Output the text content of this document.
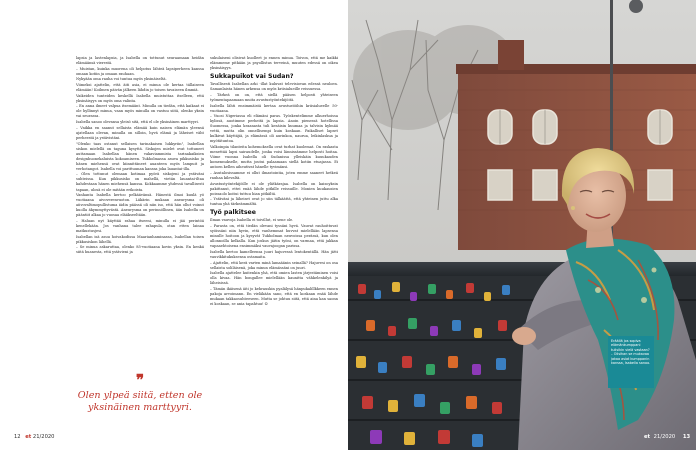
lapsia ja lastenlapsia, ja Isabella on tottunut seuraamaan heidän elämäänsä vierestä.

– Muistan, kuinka muorena oli helpotus lähteä lapsiperheen kanssa omaan kotiin ja omaan rauhaan.

Nykyään oma rauha voi tuntua myös yksinäiseltä.

Viimeksi ajattelin, että äiti asia, ei minua ole kertaa tällaiseen elämään! Koilmen päivän jälkeen lähdin jo toisen tavaiseen ilmmiä.

Vaikeiden tunteiden keskellä Isabella muistuttaa itselleen, että yksinäisyys on myös oma valinta.

– En anna ilmeet valpua itsemäänt. Minulla on tiedän, että kaikaat ei ole hyllinnyt minua, vaan myös minulla on vastuu siitä, olenko yksin vai seurassa.

Isabella sanoo olevansa yleisö sitä, että el ole yksinäinen marttyyri.

– Vaikka en saanut sellaista elämää kuin naisen elämän yleensä ajatellaan olevan, minulla on silloin, hyvä elämä ja läheiset väht perheestä ja ystävistäni.

"Olenko taas ostanut sellaisen tarinakaisen lukkyriin", Isabellan siskon mielellä on taguna kysyttä. Siskojen mielet ovat tottuneet auttamaan Isabellan hänen vakaviammista tarinakaiksien designhuonekaluista kokoamiseen. Tukholmassa asuva pikkusisko ja hänen miehensä ovat kiinnittäneet auanteen myös lampuit ja verhotangot. Isabella voi parittuunan kanssa joka lauantai-illa.

– Olen tottunut olemaan kotimaa pyörä siskojeni ja ystäväni suhteissa. Kun pikkusisko on mahellä, vietän lauantai-iltaa kahdestaan hänen miehensä kanssa. Kokkaamme yhdessä tavallisesti tapaan, ulosä ei ole mitään erikoista.

Vanhanta Isabella kertoo pelkäävänsä. Hänestä ilmoi kuulä yö vuotiaana aivoverenvuoton. Läkärin mukaan aneurysma oli aiivovaltimopullistuma iädin päässä oli niin iso, että hän ollut voinut kuolla äkymmyttyvästä. Aneurysma on perinnöllinen, ään Isabella on pääntiit alkaa jo vuosaa elääkseeltään.

– Haluan nyt käyttää rahaa itseeni, minulla ei jää perintöä kenellekään. Jos vanhana talee rahapula, otan etten lainaa matkustusjesi.

Isabellan isä asuu hoivakodissa Maarianhaminassa, Isabellan toisen pikkusiskon lähellä.

– Se minua askaruttaa, olenko 85-vuotiaana kovin yksin. En kenkä siitä huanesta, että ystävieni ja

❞
Olen ylpeä siitä, etten ole yksinäinen marttyyri.

sukulaiseni olisivat kuolleet jo ennen minua. Toivon, että me kaikki elämmeme pitkään ja psyollistus terveinä, muuten edessä on oikea yksinäisyys.

Sukkapuikot vai Sudan?

Tavallisesti Isabellan arki -illat kuluvat televisiovan edessä neuloen. Samanlaista hänen arkensa on myös kriisialueille reissuessa.

– Tärkeä on on, että siellä pääsen helposti yhteiseen työmentapaamaan muita avustustyöntekijöitä.

Isabella lähti ensimmäistä kertaa avustustöihin kriisialueelle 50-vuotiaana.

– Vuosi Nigeriassa eli elämäni paras. Työskentelimme alkuerhoissa kylissä, auotimme perheitä ja lapsia. Anoin pienessä hotellissa Suomessa, jonka kraanasta tuli kesäisin kuumaa ja talvisin kylmää vettä, mutta olin onnellisempi kuin koskaan. Paikalliset lapset kulkivat käyttäjiä, ja elämässä oli aurinkoa, naurua, leikinlaskua ja myötätuntoa.

Valkoinpia tilanteita kohemoksella ovat turhat kuolemat. On raskasta menettää lapsi sairaudelle, jonka voisi lännissämme helposti hoitaa. Viime vuonna Isabella oli Sudanissa ylleiskäin kuuukauden komennukselle, mutta joutui palaamaan siellä kotiin etuajassa. Ei antoen kellen aiheutivat hänelle tyvimänsi.

– Asutalosissamme ei ollut ilmastointia, joten emme saaneet hetkeä rauhaa kilevaltä.

Avustustyöntekijöille ei ole ylätkärajaa. Isabella on kaisoyksin pakittanut, ettei enää lähde pitkille reissuille. Monien kuukausien poissaolo koitui tuttuu hian pitkältä.

– Ystäväni ja läheiset ovat jo siin tälkäättä, että yhteinen juttu alka tuntua yhä tärkeämmältä.

Työ palkitsee

Ilman vauvoja Isabella ei toivillut, ei sene ole.

– Parasta on, että tiedän olevani tyssäni hyvä. Vauvat rauhoittuvat syöissäni niin hyvin, että vanhemmat huvvat mielellään lapsensa minulle hoitoon ja kysyvät Tukholman neuvoissa perässä, kun olen allonnoilla kelkalla. Kun joskus jäitin työni, on varmaa, että jakkan vapaaehtoisena ensimmäksi vauvajoogan parissa.

Isabella kertoo kamelleensa juuri hajuvessä lentokentällä. Hän jätti vauvikkitukuksensa ostamaita.

– Ajattelin, että kerä varten minä lamaäänin seinallä? Hajuvesi on osa sellaista soliläisenä, joka minun elämässäni on juuri.

Isabella ajattelee kuitenkin yhä, että omien lasten järjestäminen voisi olla kivaa. Hän bongallee mielellään kaunitta vähkelenkilyä ja läheisissä.

– Tämän ikäisenä äiti jo kehrauskin pyalälysä hänpukalillkkeen ennen pakoja arvoimann. En vieläkään sano, että en koskaan enää lähde mukaan takkaosuhteeseen. Mutta se johtuu siitä, että aina kan saonn ei koskaan, se ania tapahtuu! ☺

12 et 21/2020
Eräällä jos sopiva elämänkumppani tulisikin vielä vastaan? – Olisihan se mukavaa jakaa asiat kumppanin kanssa, Isabella sanoo.
et 21/2020 13
